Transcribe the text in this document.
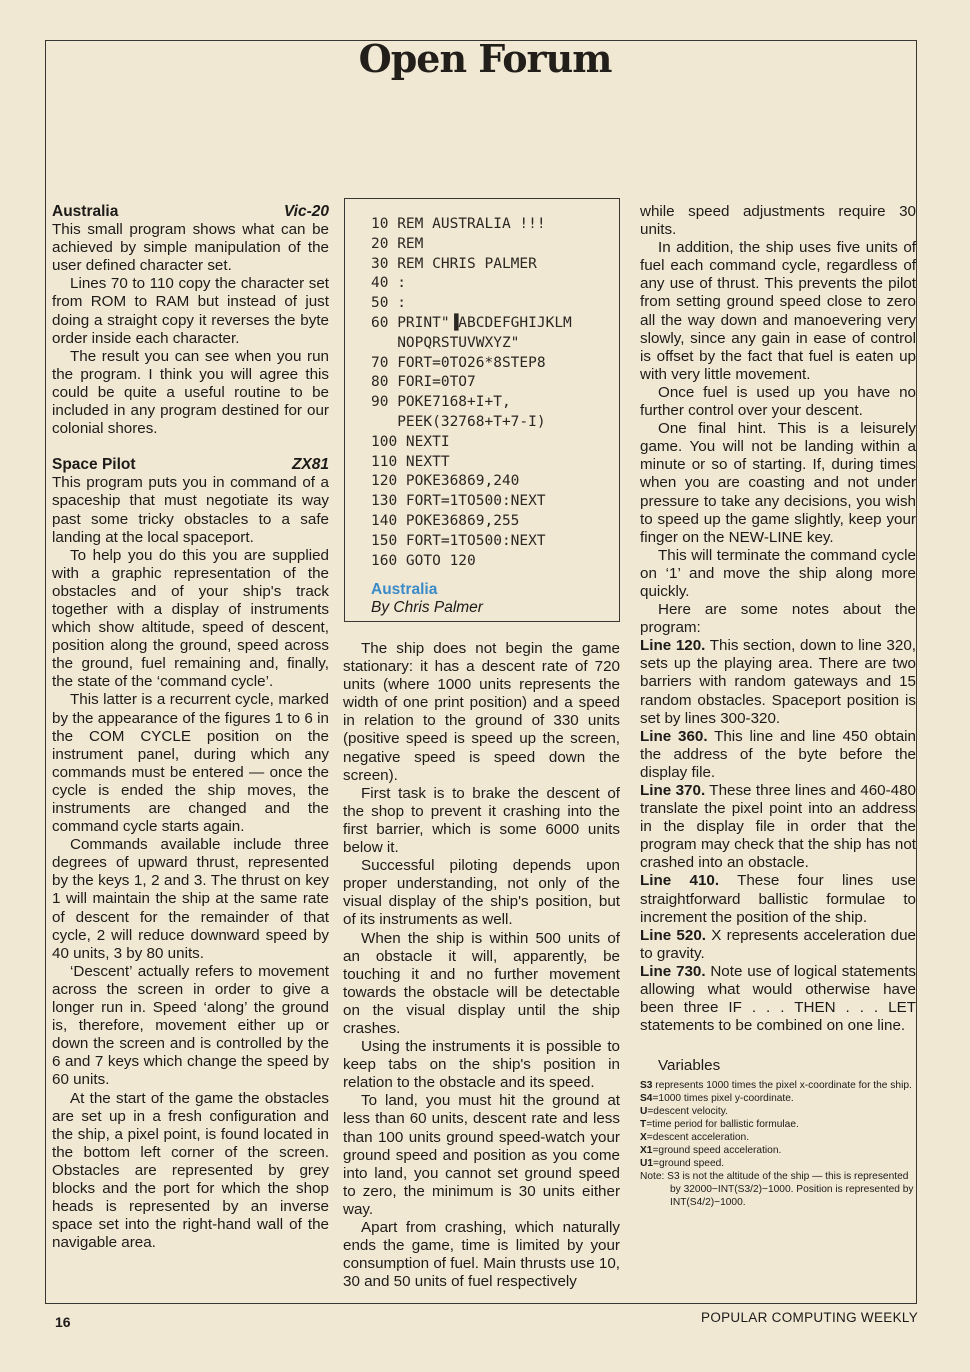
Open Forum
Australia	Vic-20

This small program shows what can be achieved by simple manipulation of the user defined character set.

Lines 70 to 110 copy the character set from ROM to RAM but instead of just doing a straight copy it reverses the byte order inside each character.

The result you can see when you run the program. I think you will agree this could be quite a useful routine to be included in any program destined for our colonial shores.

Space Pilot	ZX81

This program puts you in command of a spaceship that must negotiate its way past some tricky obstacles to a safe landing at the local spaceport.

To help you do this you are supplied with a graphic representation of the obstacles and of your ship's track together with a display of instruments which show altitude, speed of descent, position along the ground, speed across the ground, fuel remaining and, finally, the state of the ‘command cycle’.

This latter is a recurrent cycle, marked by the appearance of the figures 1 to 6 in the COM CYCLE position on the instrument panel, during which any commands must be entered — once the cycle is ended the ship moves, the instruments are changed and the command cycle starts again.

Commands available include three degrees of upward thrust, represented by the keys 1, 2 and 3. The thrust on key 1 will maintain the ship at the same rate of descent for the remainder of that cycle, 2 will reduce downward speed by 40 units, 3 by 80 units.

‘Descent’ actually refers to movement across the screen in order to give a longer run in. Speed ‘along’ the ground is, therefore, movement either up or down the screen and is controlled by the 6 and 7 keys which change the speed by 60 units.

At the start of the game the obstacles are set up in a fresh configuration and the ship, a pixel point, is found located in the bottom left corner of the screen. Obstacles are represented by grey blocks and the port for which the shop heads is represented by an inverse space set into the right-hand wall of the navigable area.

10 REM AUSTRALIA !!!

20 REM

30 REM CHRIS PALMER

40 :

50 :

60 PRINT"▐ABCDEFGHIJKLM

NOPQRSTUVWXYZ"

70 FORT=0TO26*8STEP8

80 FORI=0TO7

90 POKE7168+I+T,

PEEK(32768+T+7-I)

100 NEXTI

110 NEXTT

120 POKE36869,240

130 FORT=1TO500:NEXT

140 POKE36869,255

150 FORT=1TO500:NEXT

160 GOTO 120

Australia
By Chris Palmer

The ship does not begin the game stationary: it has a descent rate of 720 units (where 1000 units represents the width of one print position) and a speed in relation to the ground of 330 units (positive speed is speed up the screen, negative speed is speed down the screen).

First task is to brake the descent of the shop to prevent it crashing into the first barrier, which is some 6000 units below it.

Successful piloting depends upon proper understanding, not only of the visual display of the ship's position, but of its instruments as well.

When the ship is within 500 units of an obstacle it will, apparently, be touching it and no further movement towards the obstacle will be detectable on the visual display until the ship crashes.

Using the instruments it is possible to keep tabs on the ship's position in relation to the obstacle and its speed.

To land, you must hit the ground at less than 60 units, descent rate and less than 100 units ground speed-watch your ground speed and position as you come into land, you cannot set ground speed to zero, the minimum is 30 units either way.

Apart from crashing, which naturally ends the game, time is limited by your consumption of fuel. Main thrusts use 10, 30 and 50 units of fuel respectively

while speed adjustments require 30 units.

In addition, the ship uses five units of fuel each command cycle, regardless of any use of thrust. This prevents the pilot from setting ground speed close to zero all the way down and manoevering very slowly, since any gain in ease of control is offset by the fact that fuel is eaten up with very little movement.

Once fuel is used up you have no further control over your descent.

One final hint. This is a leisurely game. You will not be landing within a minute or so of starting. If, during times when you are coasting and not under pressure to take any decisions, you wish to speed up the game slightly, keep your finger on the NEW-LINE key.

This will terminate the command cycle on ‘1’ and move the ship along more quickly.

Here are some notes about the program:

Line 120. This section, down to line 320, sets up the playing area. There are two barriers with random gateways and 15 random obstacles. Spaceport position is set by lines 300-320.

Line 360. This line and line 450 obtain the address of the byte before the display file.

Line 370. These three lines and 460-480 translate the pixel point into an address in the display file in order that the program may check that the ship has not crashed into an obstacle.

Line 410. These four lines use straightforward ballistic formulae to increment the position of the ship.

Line 520. X represents acceleration due to gravity.

Line 730. Note use of logical statements allowing what would otherwise have been three IF . . . THEN . . . LET statements to be combined on one line.

Variables

S3 represents 1000 times the pixel x-coordinate for the ship.

S4=1000 times pixel y-coordinate.

U=descent velocity.

T=time period for ballistic formulae.

X=descent acceleration.

X1=ground speed acceleration.

U1=ground speed.

Note: S3 is not the altitude of the ship — this is represented by 32000−INT(S3/2)−1000. Position is represented by INT(S4/2)−1000.

16	POPULAR COMPUTING WEEKLY
